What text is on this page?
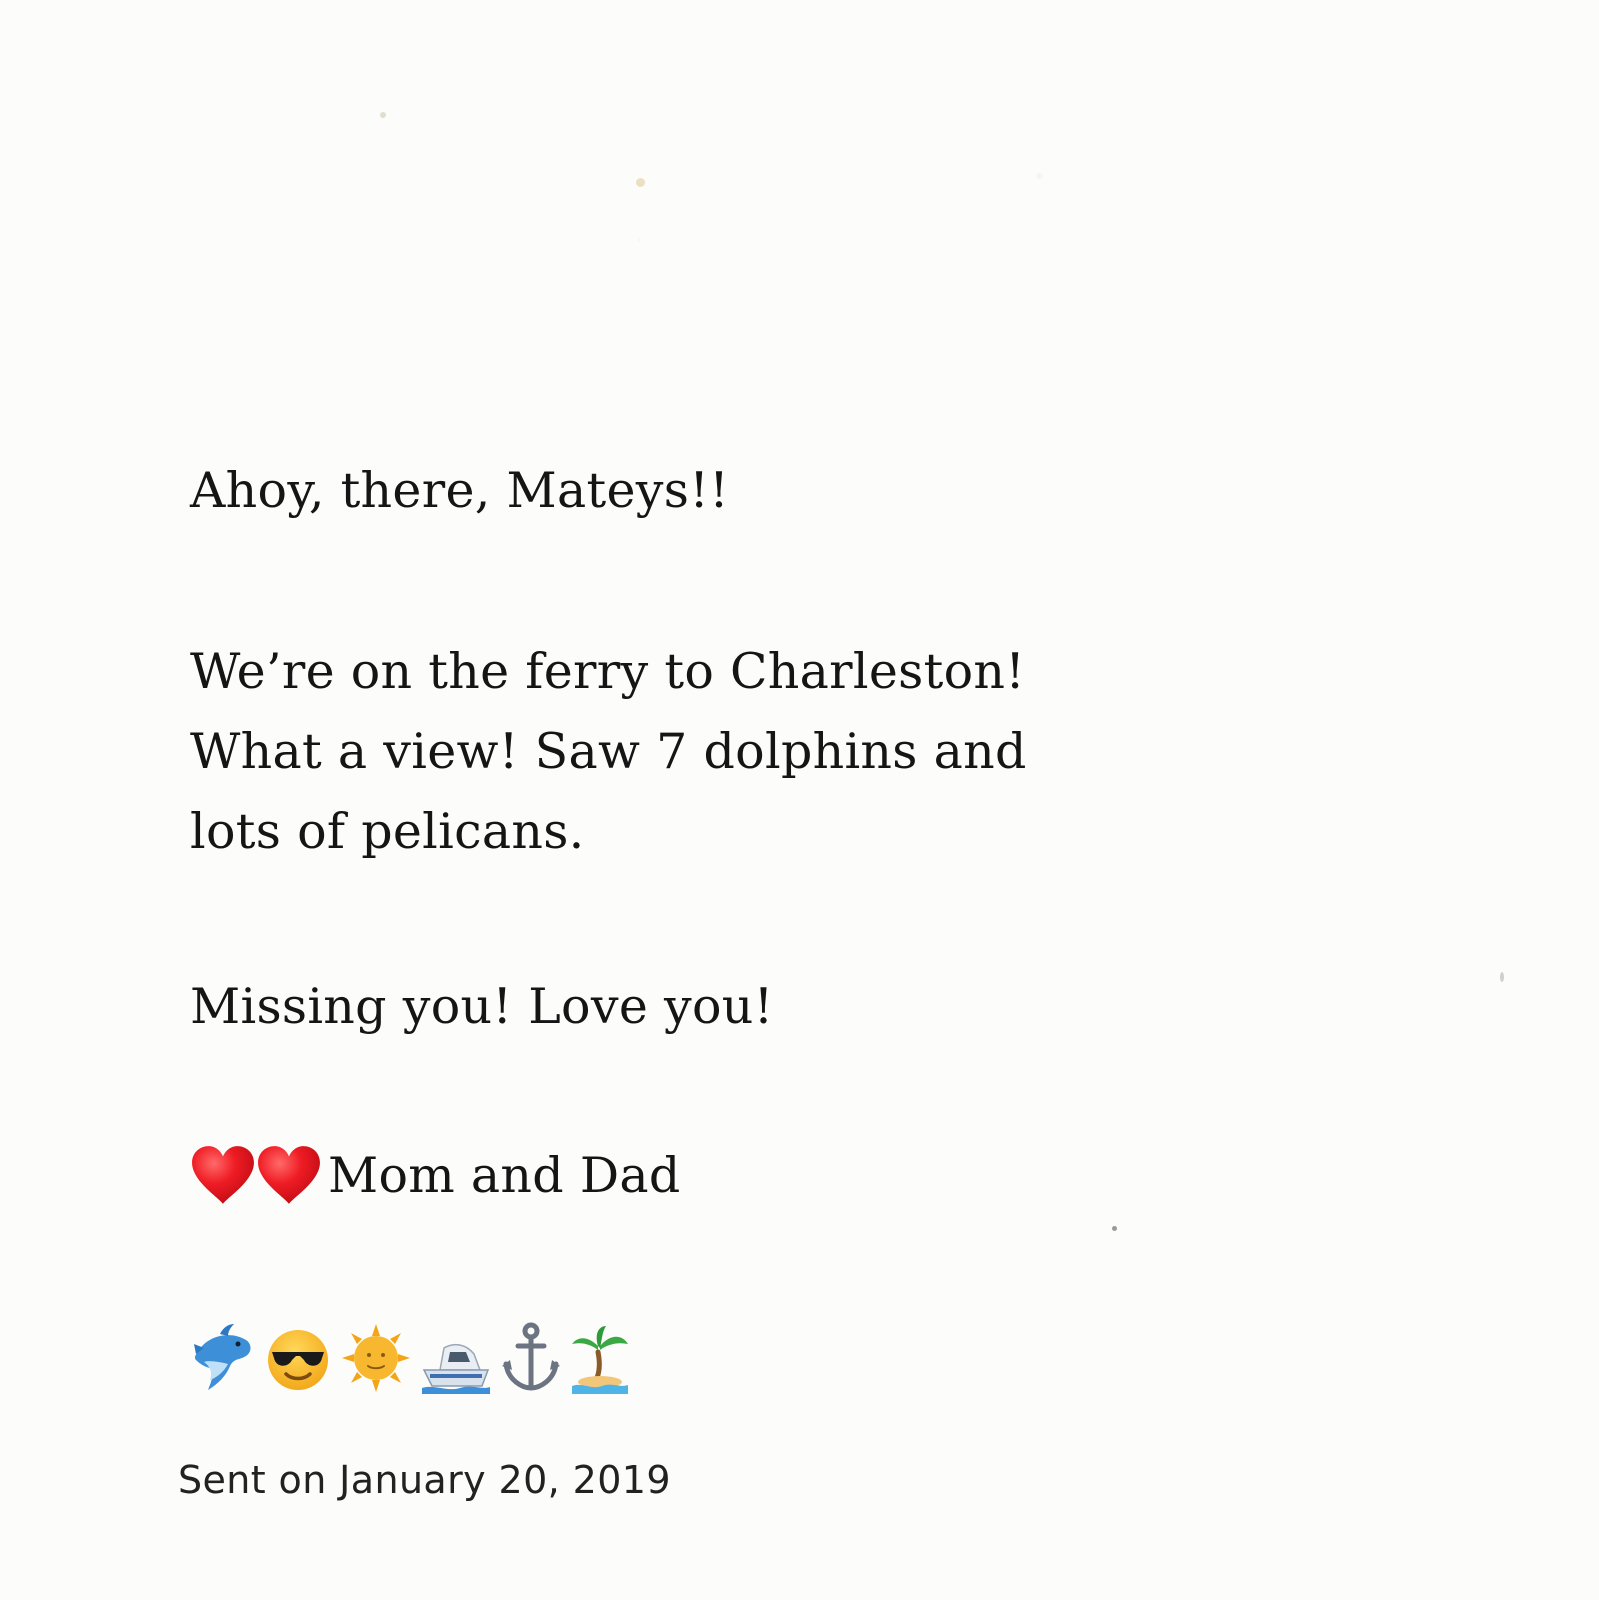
Ahoy, there, Mateys!!
We’re on the ferry to Charleston!
What a view! Saw 7 dolphins and
lots of pelicans.
Missing you! Love you!
Mom and Dad
Sent on January 20, 2019
